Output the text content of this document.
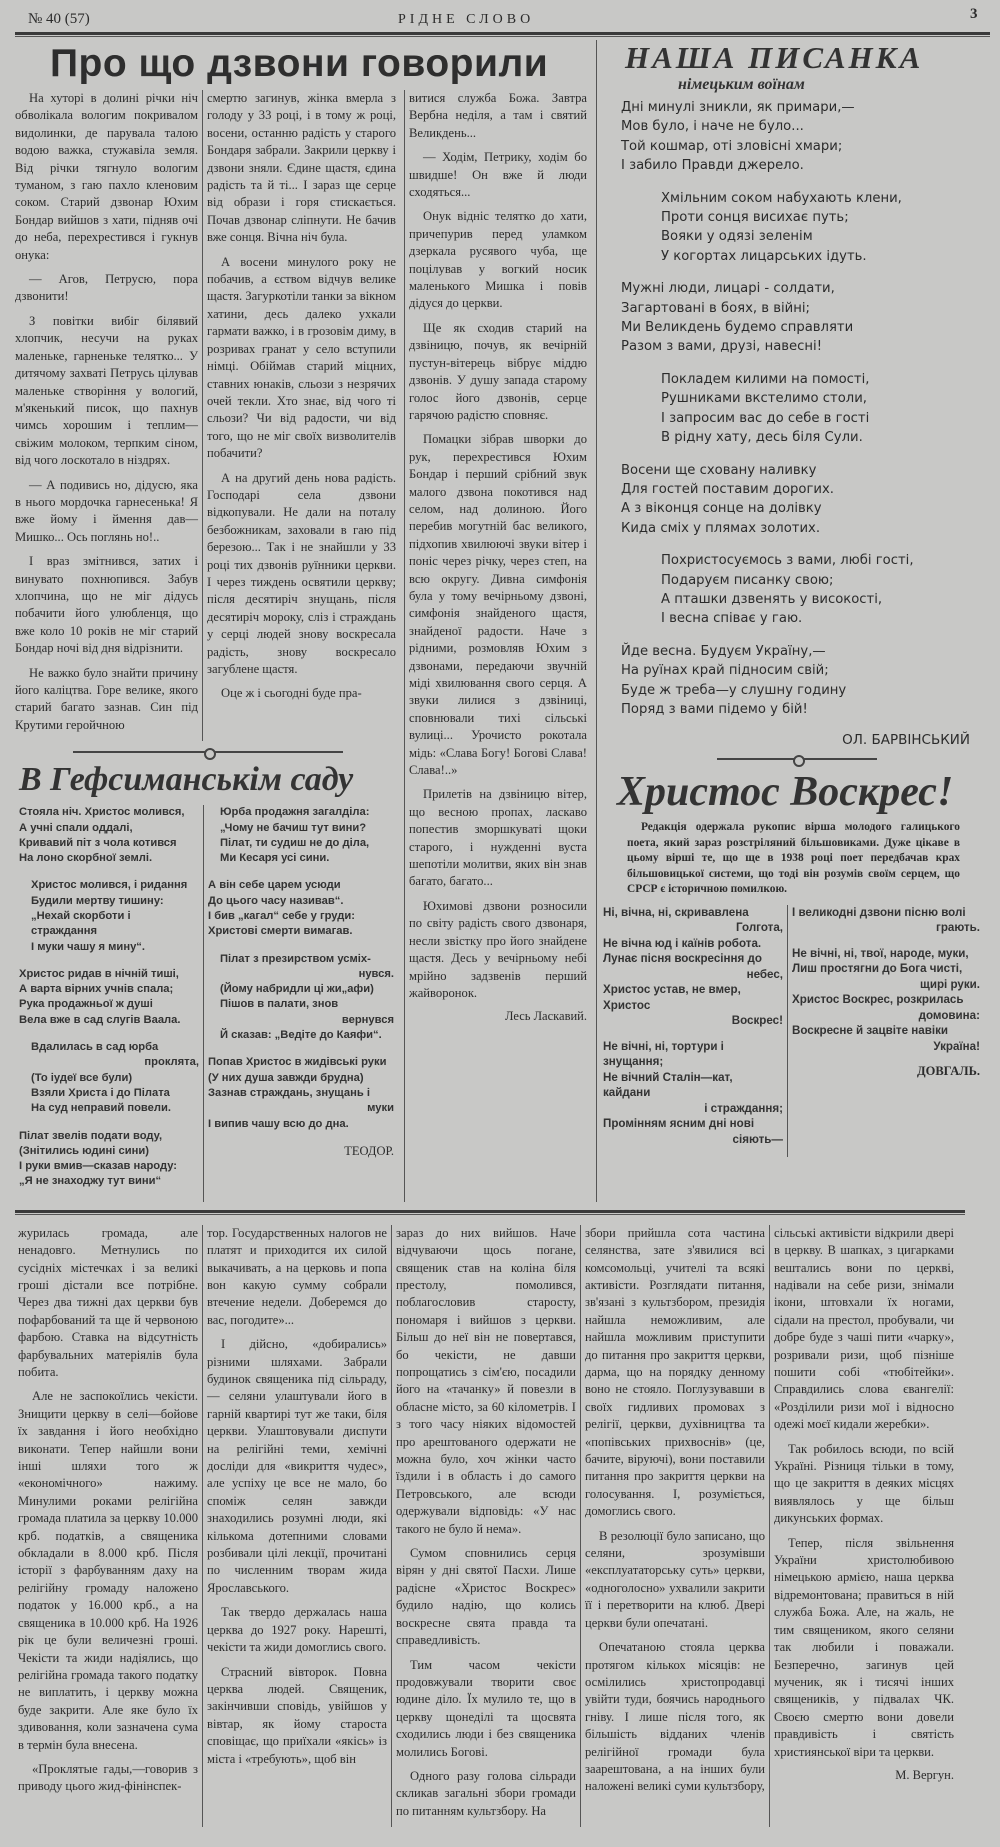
№ 40 (57)	РІДНЕ СЛОВО	3
Про що дзвони говорили

На хуторі в долині річки ніч обволікала вологим покривалом видолинки, де парувала талою водою важка, стужавіла земля. Від річки тягнуло вологим туманом, з гаю пахло кленовим соком. Старий дзвонар Юхим Бондар вийшов з хати, підняв очі до неба, перехрестився і гукнув онука:

— Агов, Петрусю, пора дзвонити!

З повітки вибіг білявий хлопчик, несучи на руках маленьке, гарненьке телятко... У дитячому захваті Петрусь цілував маленьке створіння у вологий, м'якенький писок, що пахнув чимсь хорошим і теплим—свіжим молоком, терпким сіном, від чого лоскотало в ніздрях.

— А подивись но, дідусю, яка в нього мордочка гарнесенька! Я вже йому і ймення дав— Мишко... Ось поглянь но!..

І враз змітнився, затих і винувато похнюпився. Забув хлопчина, що не міг дідусь побачити його улюбленця, що вже коло 10 років не міг старий Бондар ночі від дня відрізнити.

Не важко було знайти причину його каліцтва. Горе велике, якого старий багато зазнав. Син під Крутими геройчною

смертю загинув, жінка вмерла з голоду у 33 році, і в тому ж році, восени, останню радість у старого Бондаря забрали. Закрили церкву і дзвони зняли. Єдине щастя, єдина радість та й ті... І зараз ще серце від образи і горя стискається. Почав дзвонар сліпнути. Не бачив вже сонця. Вічна ніч була.

А восени минулого року не побачив, а єством відчув велике щастя. Загуркотіли танки за вікном хатини, десь далеко ухкали гармати важко, і в грозовім диму, в розривах гранат у село вступили німці. Обіймав старий міцних, ставних юнаків, сльози з незрячих очей текли. Хто знає, від чого ті сльози? Чи від радости, чи від того, що не міг своїх визволителів побачити?

А на другий день нова радість. Господарі села дзвони відкопували. Не дали на поталу безбожникам, заховали в гаю під березою... Так і не знайшли у 33 році тих дзвонів руїнники церкви. І через тиждень освятили церкву; після десятиріч знущань, після десятиріч мороку, сліз і страждань у серці людей знову воскресала радість, знову воскресало загублене щастя.

Оце ж і сьогодні буде пра-

В Гефсиманськім саду
Стояла ніч. Христос молився,
А учні спали оддалі,
Кривавий піт з чола котився
На лоно скорбної землі.
Христос молився, і ридання
Будили мертву тишину:
„Нехай скорботи і страждання
І муки чашу я мину“.
Христос ридав в нічній тиші,
А варта вірних учнів спала;
Рука продажньої ж душі
Вела вже в сад слугів Ваала.
Вдалилась в сад юрба
проклята,
(То іудеї все були)
Взяли Христа і до Пілата
На суд неправий повели.
Пілат звелів подати воду,
(Знітились юдині сини)
І руки вмив—сказав народу:
„Я не знаходжу тут вини“
Юрба продажня загалділа:
„Чому не бачиш тут вини?
Пілат, ти судиш не до діла,
Ми Кесаря усі сини.
А він себе царем усюди
До цього часу називав“.
І бив „кагал“ себе у груди:
Христові смерти вимагав.
Пілат з презирством усміх-
нувся.
(Йому набридли ці жи„афи)
Пішов в палати, знов
вернувся
Й сказав: „Ведіте до Каяфи“.
Попав Христос в жидівські руки
(У них душа завжди брудна)
Зазнав страждань, знущань і
муки
І випив чашу всю до дна.
ТЕОДОР.

витися служба Божа. Завтра Вербна неділя, а там і святий Великдень...

— Ходім, Петрику, ходім бо швидше! Он вже й люди сходяться...

Онук відніс телятко до хати, причепурив перед уламком дзеркала русявого чуба, ще поцілував у вогкий носик маленького Мишка і повів дідуся до церкви.

Ще як сходив старий на дзвіницю, почув, як вечірній пустун-вітерець вібрує міддю дзвонів. У душу запада старому голос його дзвонів, серце гарячою радістю сповняє.

Помацки зібрав шворки до рук, перехрестився Юхим Бондар і перший срібний звук малого дзвона покотився над селом, над долиною. Його перебив могутній бас великого, підхопив хвилюючі звуки вітер і поніс через річку, через степ, на всю округу. Дивна симфонія була у тому вечірньому дзвоні, симфонія знайденого щастя, знайденої радости. Наче з рідними, розмовляв Юхим з дзвонами, передаючи звучній міді хвилювання свого серця. А звуки лилися з дзвіниці, сповнювали тихі сільські вулиці... Урочисто рокотала мідь: «Слава Богу! Богові Слава! Слава!..»

Прилетів на дзвіницю вітер, що весною пропах, ласкаво попестив зморшкуваті щоки старого, і нужденні вуста шепотіли молитви, яких він знав багато, багато...

Юхимові дзвони розносили по світу радість свого дзвонаря, несли звістку про його знайдене щастя. Десь у вечірньому небі мрійно задзвенів перший жайворонок.

Лесь Ласкавий.
НАША ПИСАНКА
німецьким воїнам
Дні минулі зникли, як примари,—
Мов було, і наче не було...
Той кошмар, оті зловісні хмари;
І забило Правди джерело.
Хмільним соком набухають клени,
Проти сонця висихає путь;
Вояки у одязі зеленім
У когортах лицарських ідуть.
Мужні люди, лицарі - солдати,
Загартовані в боях, в війні;
Ми Великдень будемо справляти
Разом з вами, друзі, навесні!
Покладем килими на помості,
Рушниками вкстелимо столи,
І запросим вас до себе в гості
В рідну хату, десь біля Сули.
Восени ще сховану наливку
Для гостей поставим дорогих.
А з віконця сонце на долівку
Кида сміх у плямах золотих.
Похристосуємось з вами, любі гості,
Подаруєм писанку свою;
А пташки дзвенять у високості,
І весна співає у гаю.
Йде весна. Будуєм Україну,—
На руїнах край підносим свій;
Буде ж треба—у слушну годину
Поряд з вами підемо у бій!
ОЛ. БАРВІНСЬКИЙ
Христос Воскрес!

Редакція одержала рукопис вірша молодого галицького поета, який зараз розстріляний більшовиками. Дуже цікаве в цьому вірші те, що ще в 1938 році поет передбачав крах більшовицької системи, що тоді він розумів своїм серцем, що СРСР є історичною помилкою.

Ні, вічна, ні, скривавлена
Голгота,
Не вічна юд і каїнів робота.
Лунає пісня воскресіння до
небес,
Христос устав, не вмер, Христос
Воскрес!
Не вічні, ні, тортури і знущання;
Не вічний Сталін—кат, кайдани
і страждання;
Промінням ясним дні нові
сіяють—
І великодні дзвони пісню волі
грають.
Не вічні, ні, твої, народе, муки,
Лиш простягни до Бога чисті,
щирі руки.
Христос Воскрес, розкрилась
домовина:
Воскресне й зацвіте навіки
Україна!
ДОВГАЛЬ.

журилась громада, але ненадовго. Метнулись по сусідніх містечках і за великі гроші дістали все потрібне. Через два тижні дах церкви був пофарбований та ще й червоною фарбою. Ставка на відсутність фарбувальних матеріялів була побита.

Але не заспокоїлись чекісти. Знищити церкву в селі—бойове їх завдання і його необхідно виконати. Тепер найшли вони інші шляхи того ж «економічного» нажиму. Минулими роками релігійна громада платила за церкву 10.000 крб. податків, а священика обкладали в 8.000 крб. Після історії з фарбуванням даху на релігійну громаду наложено податок у 16.000 крб., а на священика в 10.000 крб. На 1926 рік це були величезні гроші. Чекісти та жиди надіялись, що релігійна громада такого податку не виплатить, і церкву можна буде закрити. Але яке було їх здивовання, коли зазначена сума в термін була внесена.

«Проклятые гады,—говорив з приводу цього жид-фінінспек-

тор. Государственных налогов не платят и приходится их силой выкачивать, а на церковь и попа вон какую сумму собрали втечение недели. Доберемся до вас, погодите»...

І дійсно, «добирались» різними шляхами. Забрали будинок священика під сільраду,— селяни улаштували його в гарній квартирі тут же таки, біля церкви. Улаштовували диспути на релігійні теми, хемічні досліди для «викриття чудес», але успіху це все не мало, бо споміж селян завжди знаходились розумні люди, які кількома дотепними словами розбивали цілі лекції, прочитані по численним творам жида Ярославського.

Так твердо держалась наша церква до 1927 року. Нарешті, чекісти та жиди домоглись свого.

Страсний вівторок. Повна церква людей. Священик, закінчивши сповідь, увійшов у вівтар, як йому староста сповіщає, що приїхали «якісь» із міста і «требують», щоб він

зараз до них вийшов. Наче відчуваючи щось погане, священик став на коліна біля престолу, помолився, поблагословив старосту, пономаря і вийшов з церкви. Більш до неї він не повертався, бо чекісти, не давши попрощатись з сім'єю, посадили його на «тачанку» й повезли в обласне місто, за 60 кілометрів. І з того часу ніяких відомостей про арештованого одержати не можна було, хоч жінки часто їздили і в область і до самого Петровського, але всюди одержували відповідь: «У нас такого не було й нема».

Сумом сповнились серця вірян у дні святої Пасхи. Лише радісне «Христос Воскрес» будило надію, що колись воскресне свята правда та справедливість.

Тим часом чекісти продовжували творити своє юдине діло. Їх мулило те, що в церкву щонеділі та щосвята сходились люди і без священика молились Богові.

Одного разу голова сільради скликав загальні збори громади по питанням культзбору. На

збори прийшла сота частина селянства, зате з'явилися всі комсомольці, учителі та всякі активісти. Розглядати питання, зв'язані з культзбором, президія найшла неможливим, але найшла можливим приступити до питання про закриття церкви, дарма, що на порядку денному воно не стояло. Поглузувавши в своїх гидливих промовах з релігії, церкви, духівництва та «попівських прихвоснів» (це, бачите, віруючі), вони поставили питання про закриття церкви на голосування. І, розуміється, домоглись свого.

В резолюції було записано, що селяни, зрозумівши «експлуататорську суть» церкви, «одноголосно» ухвалили закрити її і перетворити на клюб. Двері церкви були опечатані.

Опечатаною стояла церква протягом кількох місяців: не осмілились христопродавці увійти туди, боячись народнього гніву. І лише після того, як більшість відданих членів релігійної громади була заарештована, а на інших були наложені великі суми культзбору,

сільські активісти відкрили двері в церкву. В шапках, з цигарками вештались вони по церкві, надівали на себе ризи, знімали ікони, штовхали їх ногами, сідали на престол, пробували, чи добре буде з чаші пити «чарку», розривали ризи, щоб пізніше пошити собі «тюбітейки». Справдились слова євангелії: «Розділили ризи мої і відносно одежі моєї кидали жеребки».

Так робилось всюди, по всій Україні. Різниця тільки в тому, що це закриття в деяких місцях виявлялось у ще більш дикунських формах.

Тепер, після звільнення України христолюбивою німецькою армією, наша церква відремонтована; правиться в ній служба Божа. Але, на жаль, не тим священиком, якого селяни так любили і поважали. Безперечно, загинув цей мученик, як і тисячі інших священиків, у підвалах ЧК. Своєю смертю вони довели правдивість і святість християнської віри та церкви.

М. Вергун.
